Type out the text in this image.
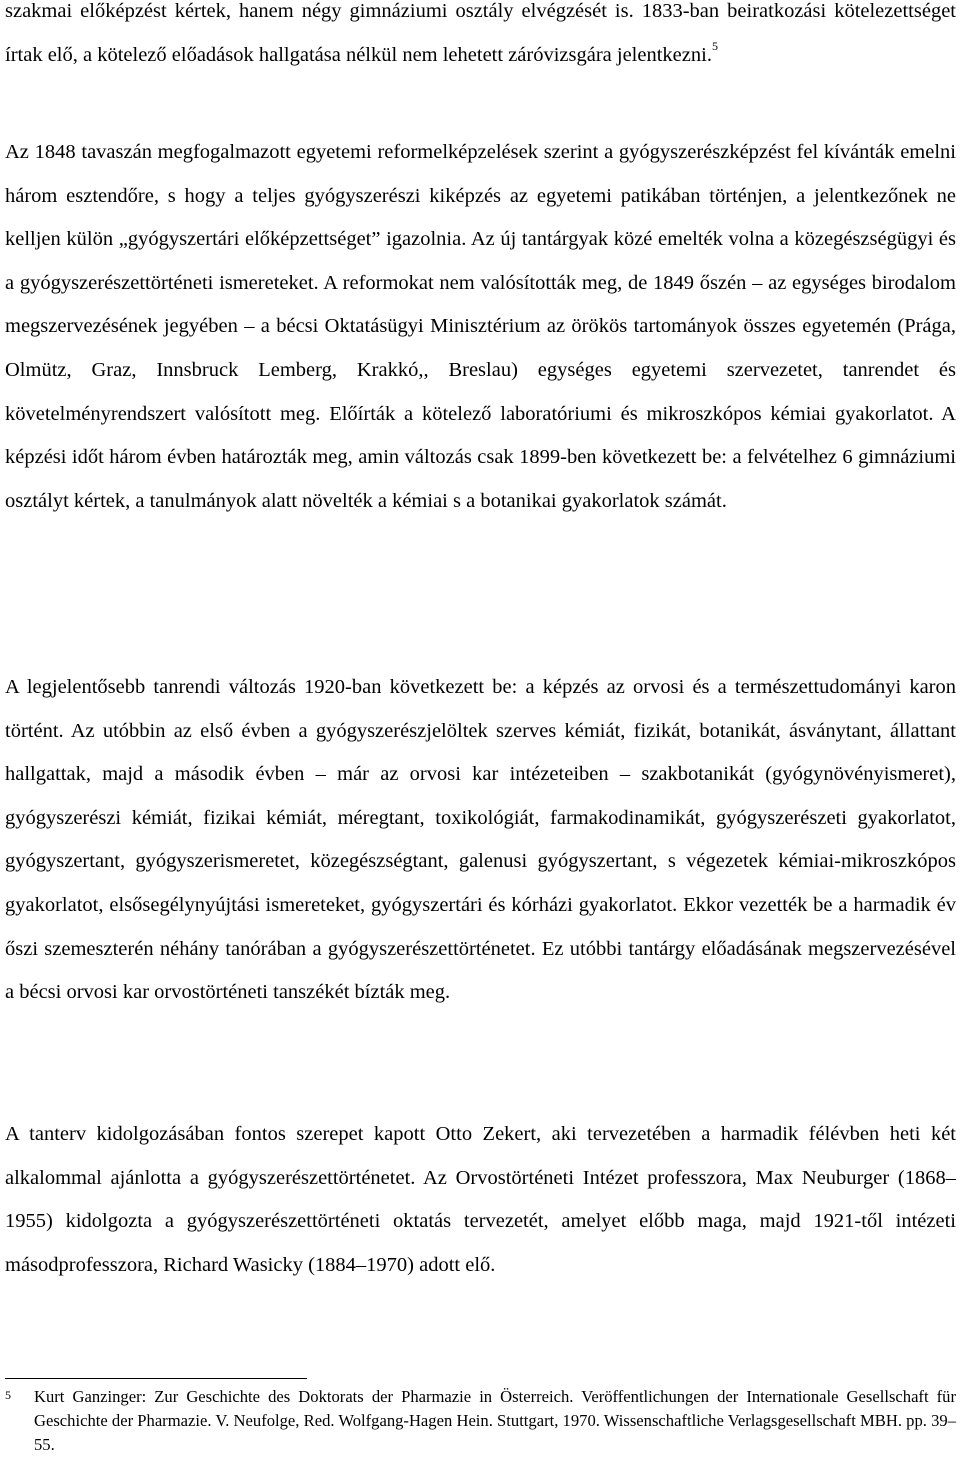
szakmai előképzést kértek, hanem négy gimnáziumi osztály elvégzését is. 1833-ban beiratkozási kötelezettséget írtak elő, a kötelező előadások hallgatása nélkül nem lehetett záróvizsgára jelentkezni.$^5$

Az 1848 tavaszán megfogalmazott egyetemi reformelképzelések szerint a gyógyszerészképzést fel kívánták emelni három esztendőre, s hogy a teljes gyógyszerészi kiképzés az egyetemi patikában történjen, a jelentkezőnek ne kelljen külön „gyógyszertári előképzettséget” igazolnia. Az új tantárgyak közé emelték volna a közegészségügyi és a gyógyszerészettörténeti ismereteket. A reformokat nem valósították meg, de 1849 őszén – az egységes birodalom megszervezésének jegyében – a bécsi Oktatásügyi Minisztérium az örökös tartományok összes egyetemén (Prága, Olmütz, Graz, Innsbruck Lemberg, Krakkó,, Breslau) egységes egyetemi szervezetet, tanrendet és követelményrendszert valósított meg. Előírták a kötelező laboratóriumi és mikroszkópos kémiai gyakorlatot. A képzési időt három évben határozták meg, amin változás csak 1899-ben következett be: a felvételhez 6 gimnáziumi osztályt kértek, a tanulmányok alatt növelték a kémiai s a botanikai gyakorlatok számát.

A legjelentősebb tanrendi változás 1920-ban következett be: a képzés az orvosi és a természettudományi karon történt. Az utóbbin az első évben a gyógyszerészjelöltek szerves kémiát, fizikát, botanikát, ásványtant, állattant hallgattak, majd a második évben – már az orvosi kar intézeteiben – szakbotanikát (gyógynövényismeret), gyógyszerészi kémiát, fizikai kémiát, méregtant, toxikológiát, farmakodinamikát, gyógyszerészeti gyakorlatot, gyógyszertant, gyógyszerismeretet, közegészségtant, galenusi gyógyszertant, s végezetek kémiai-mikroszkópos gyakorlatot, elsősegélynyújtási ismereteket, gyógyszertári és kórházi gyakorlatot. Ekkor vezették be a harmadik év őszi szemeszterén néhány tanórában a gyógyszerészettörténetet. Ez utóbbi tantárgy előadásának megszervezésével a bécsi orvosi kar orvostörténeti tanszékét bízták meg.

A tanterv kidolgozásában fontos szerepet kapott Otto Zekert, aki tervezetében a harmadik félévben heti két alkalommal ajánlotta a gyógyszerészettörténetet. Az Orvostörténeti Intézet professzora, Max Neuburger (1868–1955) kidolgozta a gyógyszerészettörténeti oktatás tervezetét, amelyet előbb maga, majd 1921-től intézeti másodprofesszora, Richard Wasicky (1884–1970) adott elő.

5 Kurt Ganzinger: Zur Geschichte des Doktorats der Pharmazie in Österreich. Veröffentlichungen der Internationale Gesellschaft für Geschichte der Pharmazie. V. Neufolge, Red. Wolfgang-Hagen Hein. Stuttgart, 1970. Wissenschaftliche Verlagsgesellschaft MBH. pp. 39–55.
